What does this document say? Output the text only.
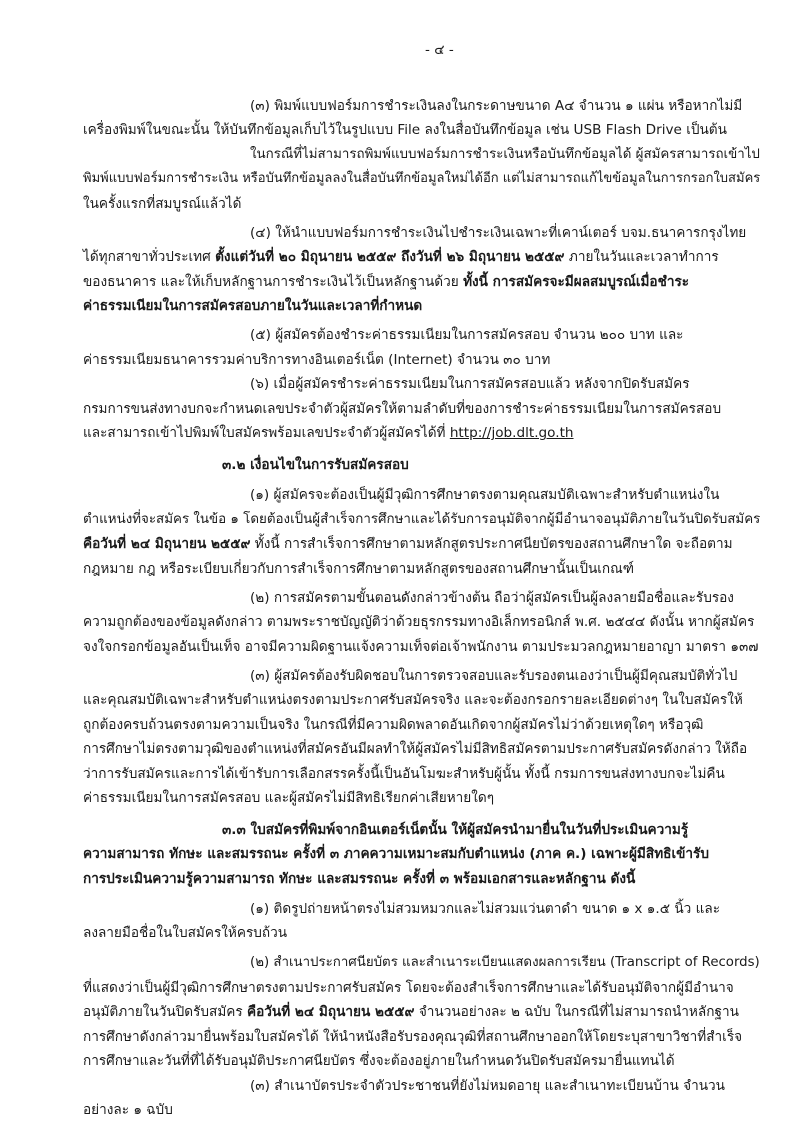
- ๔ -
(๓) พิมพ์แบบฟอร์มการชำระเงินลงในกระดาษขนาด A๔ จำนวน ๑ แผ่น หรือหากไม่มี
เครื่องพิมพ์ในขณะนั้น ให้บันทึกข้อมูลเก็บไว้ในรูปแบบ File ลงในสื่อบันทึกข้อมูล เช่น USB Flash Drive เป็นต้น
ในกรณีที่ไม่สามารถพิมพ์แบบฟอร์มการชำระเงินหรือบันทึกข้อมูลได้ ผู้สมัครสามารถเข้าไป
พิมพ์แบบฟอร์มการชำระเงิน หรือบันทึกข้อมูลลงในสื่อบันทึกข้อมูลใหม่ได้อีก แต่ไม่สามารถแก้ไขข้อมูลในการกรอกใบสมัคร
ในครั้งแรกที่สมบูรณ์แล้วได้
(๔) ให้นำแบบฟอร์มการชำระเงินไปชำระเงินเฉพาะที่เคาน์เตอร์ บจม.ธนาคารกรุงไทย
ได้ทุกสาขาทั่วประเทศ ตั้งแต่วันที่ ๒๐ มิถุนายน ๒๕๕๙ ถึงวันที่ ๒๖ มิถุนายน ๒๕๕๙ ภายในวันและเวลาทำการ
ของธนาคาร และให้เก็บหลักฐานการชำระเงินไว้เป็นหลักฐานด้วย ทั้งนี้ การสมัครจะมีผลสมบูรณ์เมื่อชำระ
ค่าธรรมเนียมในการสมัครสอบภายในวันและเวลาที่กำหนด
(๕) ผู้สมัครต้องชำระค่าธรรมเนียมในการสมัครสอบ จำนวน ๒๐๐ บาท และ
ค่าธรรมเนียมธนาคารรวมค่าบริการทางอินเตอร์เน็ต (Internet) จำนวน ๓๐ บาท
(๖) เมื่อผู้สมัครชำระค่าธรรมเนียมในการสมัครสอบแล้ว หลังจากปิดรับสมัคร
กรมการขนส่งทางบกจะกำหนดเลขประจำตัวผู้สมัครให้ตามลำดับที่ของการชำระค่าธรรมเนียมในการสมัครสอบ
และสามารถเข้าไปพิมพ์ใบสมัครพร้อมเลขประจำตัวผู้สมัครได้ที่ http://job.dlt.go.th
๓.๒ เงื่อนไขในการรับสมัครสอบ
(๑) ผู้สมัครจะต้องเป็นผู้มีวุฒิการศึกษาตรงตามคุณสมบัติเฉพาะสำหรับตำแหน่งใน
ตำแหน่งที่จะสมัคร ในข้อ ๑ โดยต้องเป็นผู้สำเร็จการศึกษาและได้รับการอนุมัติจากผู้มีอำนาจอนุมัติภายในวันปิดรับสมัคร
คือวันที่ ๒๔ มิถุนายน ๒๕๕๙ ทั้งนี้ การสำเร็จการศึกษาตามหลักสูตรประกาศนียบัตรของสถานศึกษาใด จะถือตาม
กฎหมาย กฎ หรือระเบียบเกี่ยวกับการสำเร็จการศึกษาตามหลักสูตรของสถานศึกษานั้นเป็นเกณฑ์
(๒) การสมัครตามขั้นตอนดังกล่าวข้างต้น ถือว่าผู้สมัครเป็นผู้ลงลายมือชื่อและรับรอง
ความถูกต้องของข้อมูลดังกล่าว ตามพระราชบัญญัติว่าด้วยธุรกรรมทางอิเล็กทรอนิกส์ พ.ศ. ๒๕๔๔ ดังนั้น หากผู้สมัคร
จงใจกรอกข้อมูลอันเป็นเท็จ อาจมีความผิดฐานแจ้งความเท็จต่อเจ้าพนักงาน ตามประมวลกฎหมายอาญา มาตรา ๑๓๗
(๓) ผู้สมัครต้องรับผิดชอบในการตรวจสอบและรับรองตนเองว่าเป็นผู้มีคุณสมบัติทั่วไป
และคุณสมบัติเฉพาะสำหรับตำแหน่งตรงตามประกาศรับสมัครจริง และจะต้องกรอกรายละเอียดต่างๆ ในใบสมัครให้
ถูกต้องครบถ้วนตรงตามความเป็นจริง ในกรณีที่มีความผิดพลาดอันเกิดจากผู้สมัครไม่ว่าด้วยเหตุใดๆ หรือวุฒิ
การศึกษาไม่ตรงตามวุฒิของตำแหน่งที่สมัครอันมีผลทำให้ผู้สมัครไม่มีสิทธิสมัครตามประกาศรับสมัครดังกล่าว ให้ถือ
ว่าการรับสมัครและการได้เข้ารับการเลือกสรรครั้งนี้เป็นอันโมฆะสำหรับผู้นั้น ทั้งนี้ กรมการขนส่งทางบกจะไม่คืน
ค่าธรรมเนียมในการสมัครสอบ และผู้สมัครไม่มีสิทธิเรียกค่าเสียหายใดๆ
๓.๓ ใบสมัครที่พิมพ์จากอินเตอร์เน็ตนั้น ให้ผู้สมัครนำมายื่นในวันที่ประเมินความรู้
ความสามารถ ทักษะ และสมรรถนะ ครั้งที่ ๓ ภาคความเหมาะสมกับตำแหน่ง (ภาค ค.) เฉพาะผู้มีสิทธิเข้ารับ
การประเมินความรู้ความสามารถ ทักษะ และสมรรถนะ ครั้งที่ ๓ พร้อมเอกสารและหลักฐาน ดังนี้
(๑) ติดรูปถ่ายหน้าตรงไม่สวมหมวกและไม่สวมแว่นตาดำ ขนาด ๑ x ๑.๕ นิ้ว และ
ลงลายมือชื่อในใบสมัครให้ครบถ้วน
(๒) สำเนาประกาศนียบัตร และสำเนาระเบียนแสดงผลการเรียน (Transcript of Records)
ที่แสดงว่าเป็นผู้มีวุฒิการศึกษาตรงตามประกาศรับสมัคร โดยจะต้องสำเร็จการศึกษาและได้รับอนุมัติจากผู้มีอำนาจ
อนุมัติภายในวันปิดรับสมัคร คือวันที่ ๒๔ มิถุนายน ๒๕๕๙ จำนวนอย่างละ ๒ ฉบับ ในกรณีที่ไม่สามารถนำหลักฐาน
การศึกษาดังกล่าวมายื่นพร้อมใบสมัครได้ ให้นำหนังสือรับรองคุณวุฒิที่สถานศึกษาออกให้โดยระบุสาขาวิชาที่สำเร็จ
การศึกษาและวันที่ที่ได้รับอนุมัติประกาศนียบัตร ซึ่งจะต้องอยู่ภายในกำหนดวันปิดรับสมัครมายื่นแทนได้
(๓) สำเนาบัตรประจำตัวประชาชนที่ยังไม่หมดอายุ และสำเนาทะเบียนบ้าน จำนวน
อย่างละ ๑ ฉบับ
